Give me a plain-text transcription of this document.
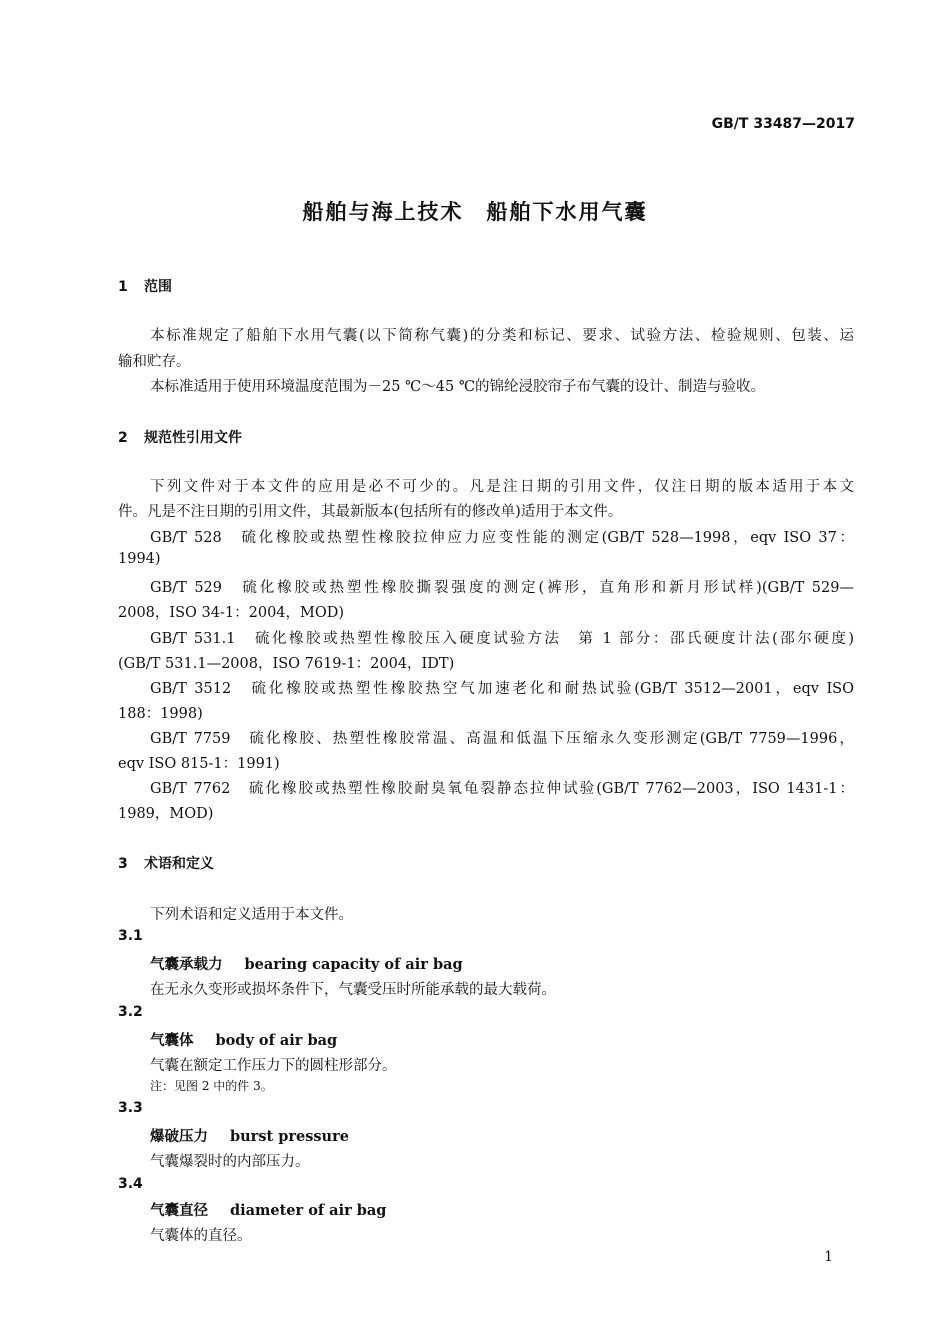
GB/T 33487—2017
船舶与海上技术　船舶下水用气囊
1 范围
本标准规定了船舶下水用气囊(以下简称气囊)的分类和标记、要求、试验方法、检验规则、包装、运
输和贮存。
本标准适用于使用环境温度范围为－25 ℃～45 ℃的锦纶浸胶帘子布气囊的设计、制造与验收。
2 规范性引用文件
下列文件对于本文件的应用是必不可少的。凡是注日期的引用文件，仅注日期的版本适用于本文
件。凡是不注日期的引用文件，其最新版本(包括所有的修改单)适用于本文件。
GB/T 528　硫化橡胶或热塑性橡胶拉伸应力应变性能的测定(GB/T 528—1998，eqv ISO 37：
1994)
GB/T 529　硫化橡胶或热塑性橡胶撕裂强度的测定(裤形，直角形和新月形试样)(GB/T 529—
2008，ISO 34-1：2004，MOD)
GB/T 531.1　硫化橡胶或热塑性橡胶压入硬度试验方法　第 1 部分：邵氏硬度计法(邵尔硬度)
(GB/T 531.1—2008，ISO 7619-1：2004，IDT)
GB/T 3512　硫化橡胶或热塑性橡胶热空气加速老化和耐热试验(GB/T 3512—2001，eqv ISO
188：1998)
GB/T 7759　硫化橡胶、热塑性橡胶常温、高温和低温下压缩永久变形测定(GB/T 7759—1996，
eqv ISO 815-1：1991)
GB/T 7762　硫化橡胶或热塑性橡胶耐臭氧龟裂静态拉伸试验(GB/T 7762—2003，ISO 1431-1：
1989，MOD)
3 术语和定义
下列术语和定义适用于本文件。
3.1
气囊承载力 bearing capacity of air bag
在无永久变形或损坏条件下，气囊受压时所能承载的最大载荷。
3.2
气囊体 body of air bag
气囊在额定工作压力下的圆柱形部分。
注：见图 2 中的件 3。
3.3
爆破压力 burst pressure
气囊爆裂时的内部压力。
3.4
气囊直径 diameter of air bag
气囊体的直径。
1
